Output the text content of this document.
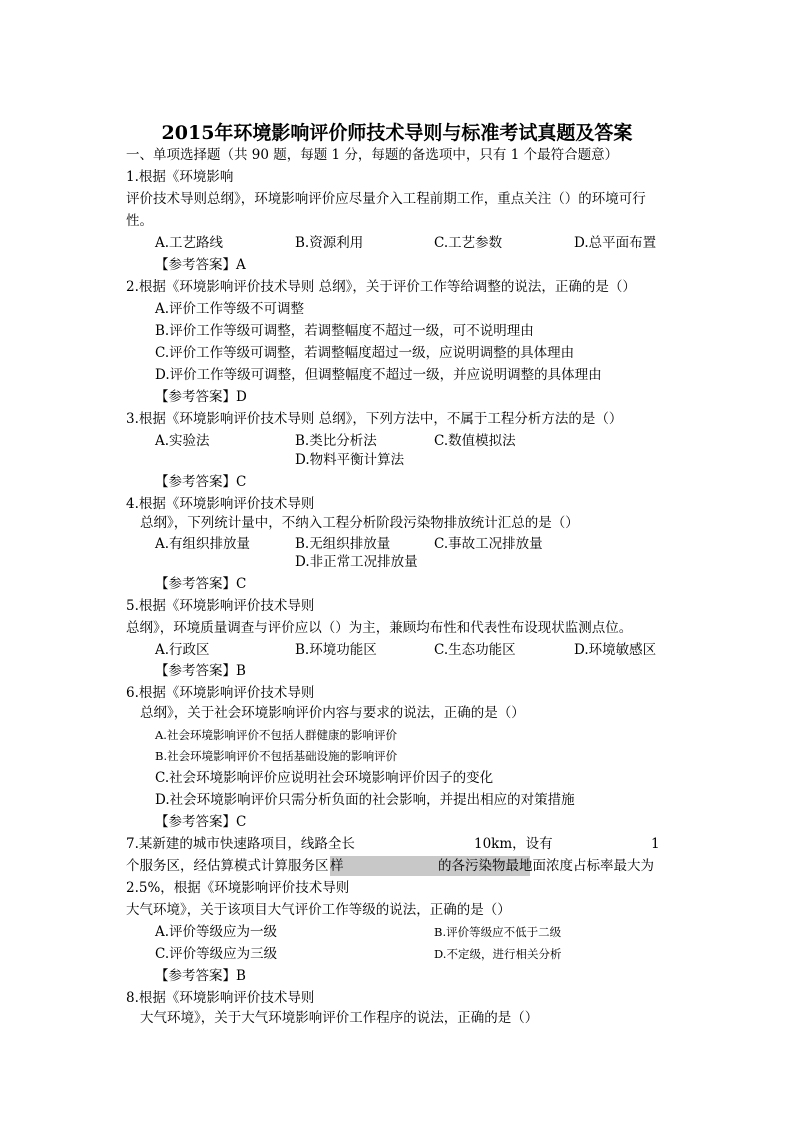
2015年环境影响评价师技术导则与标准考试真题及答案
一、单项选择题（共 90 题，每题 1 分，每题的备选项中，只有 1 个最符合题意）
1.根据《环境影响
评价技术导则总纲》，环境影响评价应尽量介入工程前期工作，重点关注（）的环境可行
性。
A.工艺路线	B.资源利用	C.工艺参数	D.总平面布置
【参考答案】A
2.根据《环境影响评价技术导则 总纲》，关于评价工作等给调整的说法，正确的是（）
A.评价工作等级不可调整
B.评价工作等级可调整，若调整幅度不超过一级，可不说明理由
C.评价工作等级可调整，若调整幅度超过一级，应说明调整的具体理由
D.评价工作等级可调整，但调整幅度不超过一级，并应说明调整的具体理由
【参考答案】D
3.根据《环境影响评价技术导则 总纲》，下列方法中，不属于工程分析方法的是（）
A.实验法	B.类比分析法	C.数值模拟法
D.物料平衡计算法
【参考答案】C
4.根据《环境影响评价技术导则
总纲》，下列统计量中，不纳入工程分析阶段污染物排放统计汇总的是（）
A.有组织排放量	B.无组织排放量	C.事故工况排放量
D.非正常工况排放量
【参考答案】C
5.根据《环境影响评价技术导则
总纲》，环境质量调查与评价应以（）为主，兼顾均布性和代表性布设现状监测点位。
A.行政区	B.环境功能区	C.生态功能区	D.环境敏感区
【参考答案】B
6.根据《环境影响评价技术导则
总纲》，关于社会环境影响评价内容与要求的说法，正确的是（）
A.社会环境影响评价不包括人群健康的影响评价
B.社会环境影响评价不包括基础设施的影响评价
C.社会环境影响评价应说明社会环境影响评价因子的变化
D.社会环境影响评价只需分析负面的社会影响，并提出相应的对策措施
【参考答案】C
7.某新建的城市快速路项目，线路全长	10km，设有	1
个服务区，经估算模式计算服务区 样	的各污染物最地面浓度占标率最大为
2.5%，根据《环境影响评价技术导则
大气环境》，关于该项目大气评价工作等级的说法，正确的是（）
A.评价等级应为一级	B.评价等级应不低于二级
C.评价等级应为三级	D.不定级，进行相关分析
【参考答案】B
8.根据《环境影响评价技术导则
大气环境》，关于大气环境影响评价工作程序的说法，正确的是（）
